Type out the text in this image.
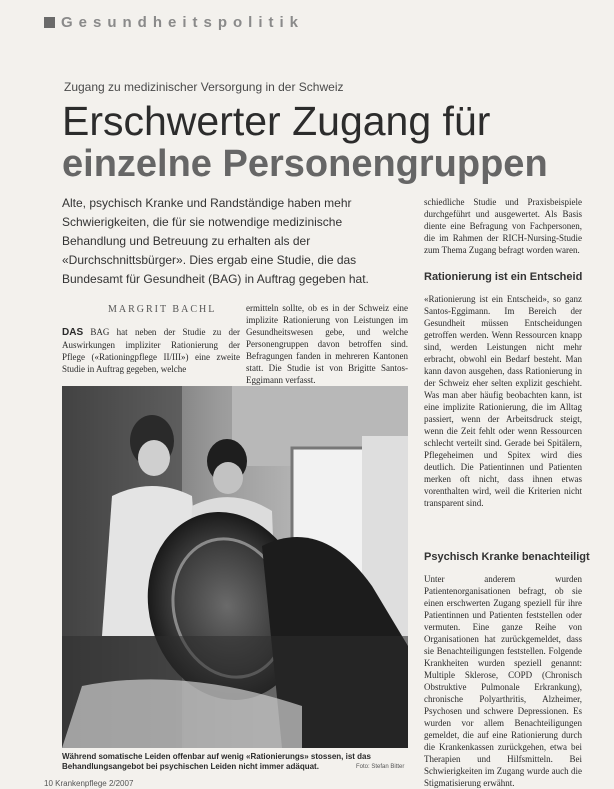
Gesundheitspolitik
Zugang zu medizinischer Versorgung in der Schweiz
Erschwerter Zugang für
einzelne Personengruppen
Alte, psychisch Kranke und Randständige haben mehr Schwierigkeiten, die für sie notwendige medizinische Behandlung und Betreuung zu erhalten als der «Durchschnittsbürger». Dies ergab eine Studie, die das Bundesamt für Gesundheit (BAG) in Auftrag gegeben hat.
MARGRIT BACHL
DAS BAG hat neben der Studie zu der Auswirkungen impliziter Rationierung der Pflege («Rationingpflege II/III») eine zweite Studie in Auftrag gegeben, welche
ermitteln sollte, ob es in der Schweiz eine implizite Rationierung von Leistungen im Gesundheitswesen gebe, und welche Personengruppen davon betroffen sind. Befragungen fanden in mehreren Kantonen statt. Die Studie ist von Brigitte Santos-Eggimann verfasst.
schiedliche Studie und Praxisbeispiele durchgeführt und ausgewertet. Als Basis diente eine Befragung von Fachpersonen, die im Rahmen der RICH-Nursing-Studie zum Thema Zugang befragt worden waren.
Rationierung ist ein Entscheid
«Rationierung ist ein Entscheid», so ganz Santos-Eggimann. Im Bereich der Gesundheit müssen Entscheidungen getroffen werden. Wenn Ressourcen knapp sind, werden Leistungen nicht mehr erbracht, obwohl ein Bedarf besteht. Man kann davon ausgehen, dass Rationierung in der Schweiz eher selten explizit geschieht. Was man aber häufig beobachten kann, ist eine implizite Rationierung, die im Alltag passiert, wenn der Arbeitsdruck steigt, wenn die Zeit fehlt oder wenn Ressourcen schlecht verteilt sind. Gerade bei Spitälern, Pflegeheimen und Spitex wird dies deutlich. Die Patientinnen und Patienten merken oft nicht, dass ihnen etwas vorenthalten wird, weil die Kriterien nicht transparent sind.
Psychisch Kranke benachteiligt
Unter anderem wurden Patientenorganisationen befragt, ob sie einen erschwerten Zugang speziell für ihre Patientinnen und Patienten feststellen oder vermuten. Eine ganze Reihe von Organisationen hat zurückgemeldet, dass sie Benachteiligungen feststellen. Folgende Krankheiten wurden speziell genannt: Multiple Sklerose, COPD (Chronisch Obstruktive Pulmonale Erkrankung), chronische Polyarthritis, Alzheimer, Psychosen und schwere Depressionen. Es wurden vor allem Benachteiligungen gemeldet, die auf eine Rationierung durch die Krankenkassen zurückgehen, etwa bei Therapien und Hilfsmitteln. Bei Schwierigkeiten im Zugang wurde auch die Stigmatisierung erwähnt.
Während somatische Leiden offenbar auf wenig «Rationierungs» stossen, ist das Behandlungsangebot bei psychischen Leiden nicht immer adäquat.	Foto: Stefan Bitter
10 Krankenpflege 2/2007
